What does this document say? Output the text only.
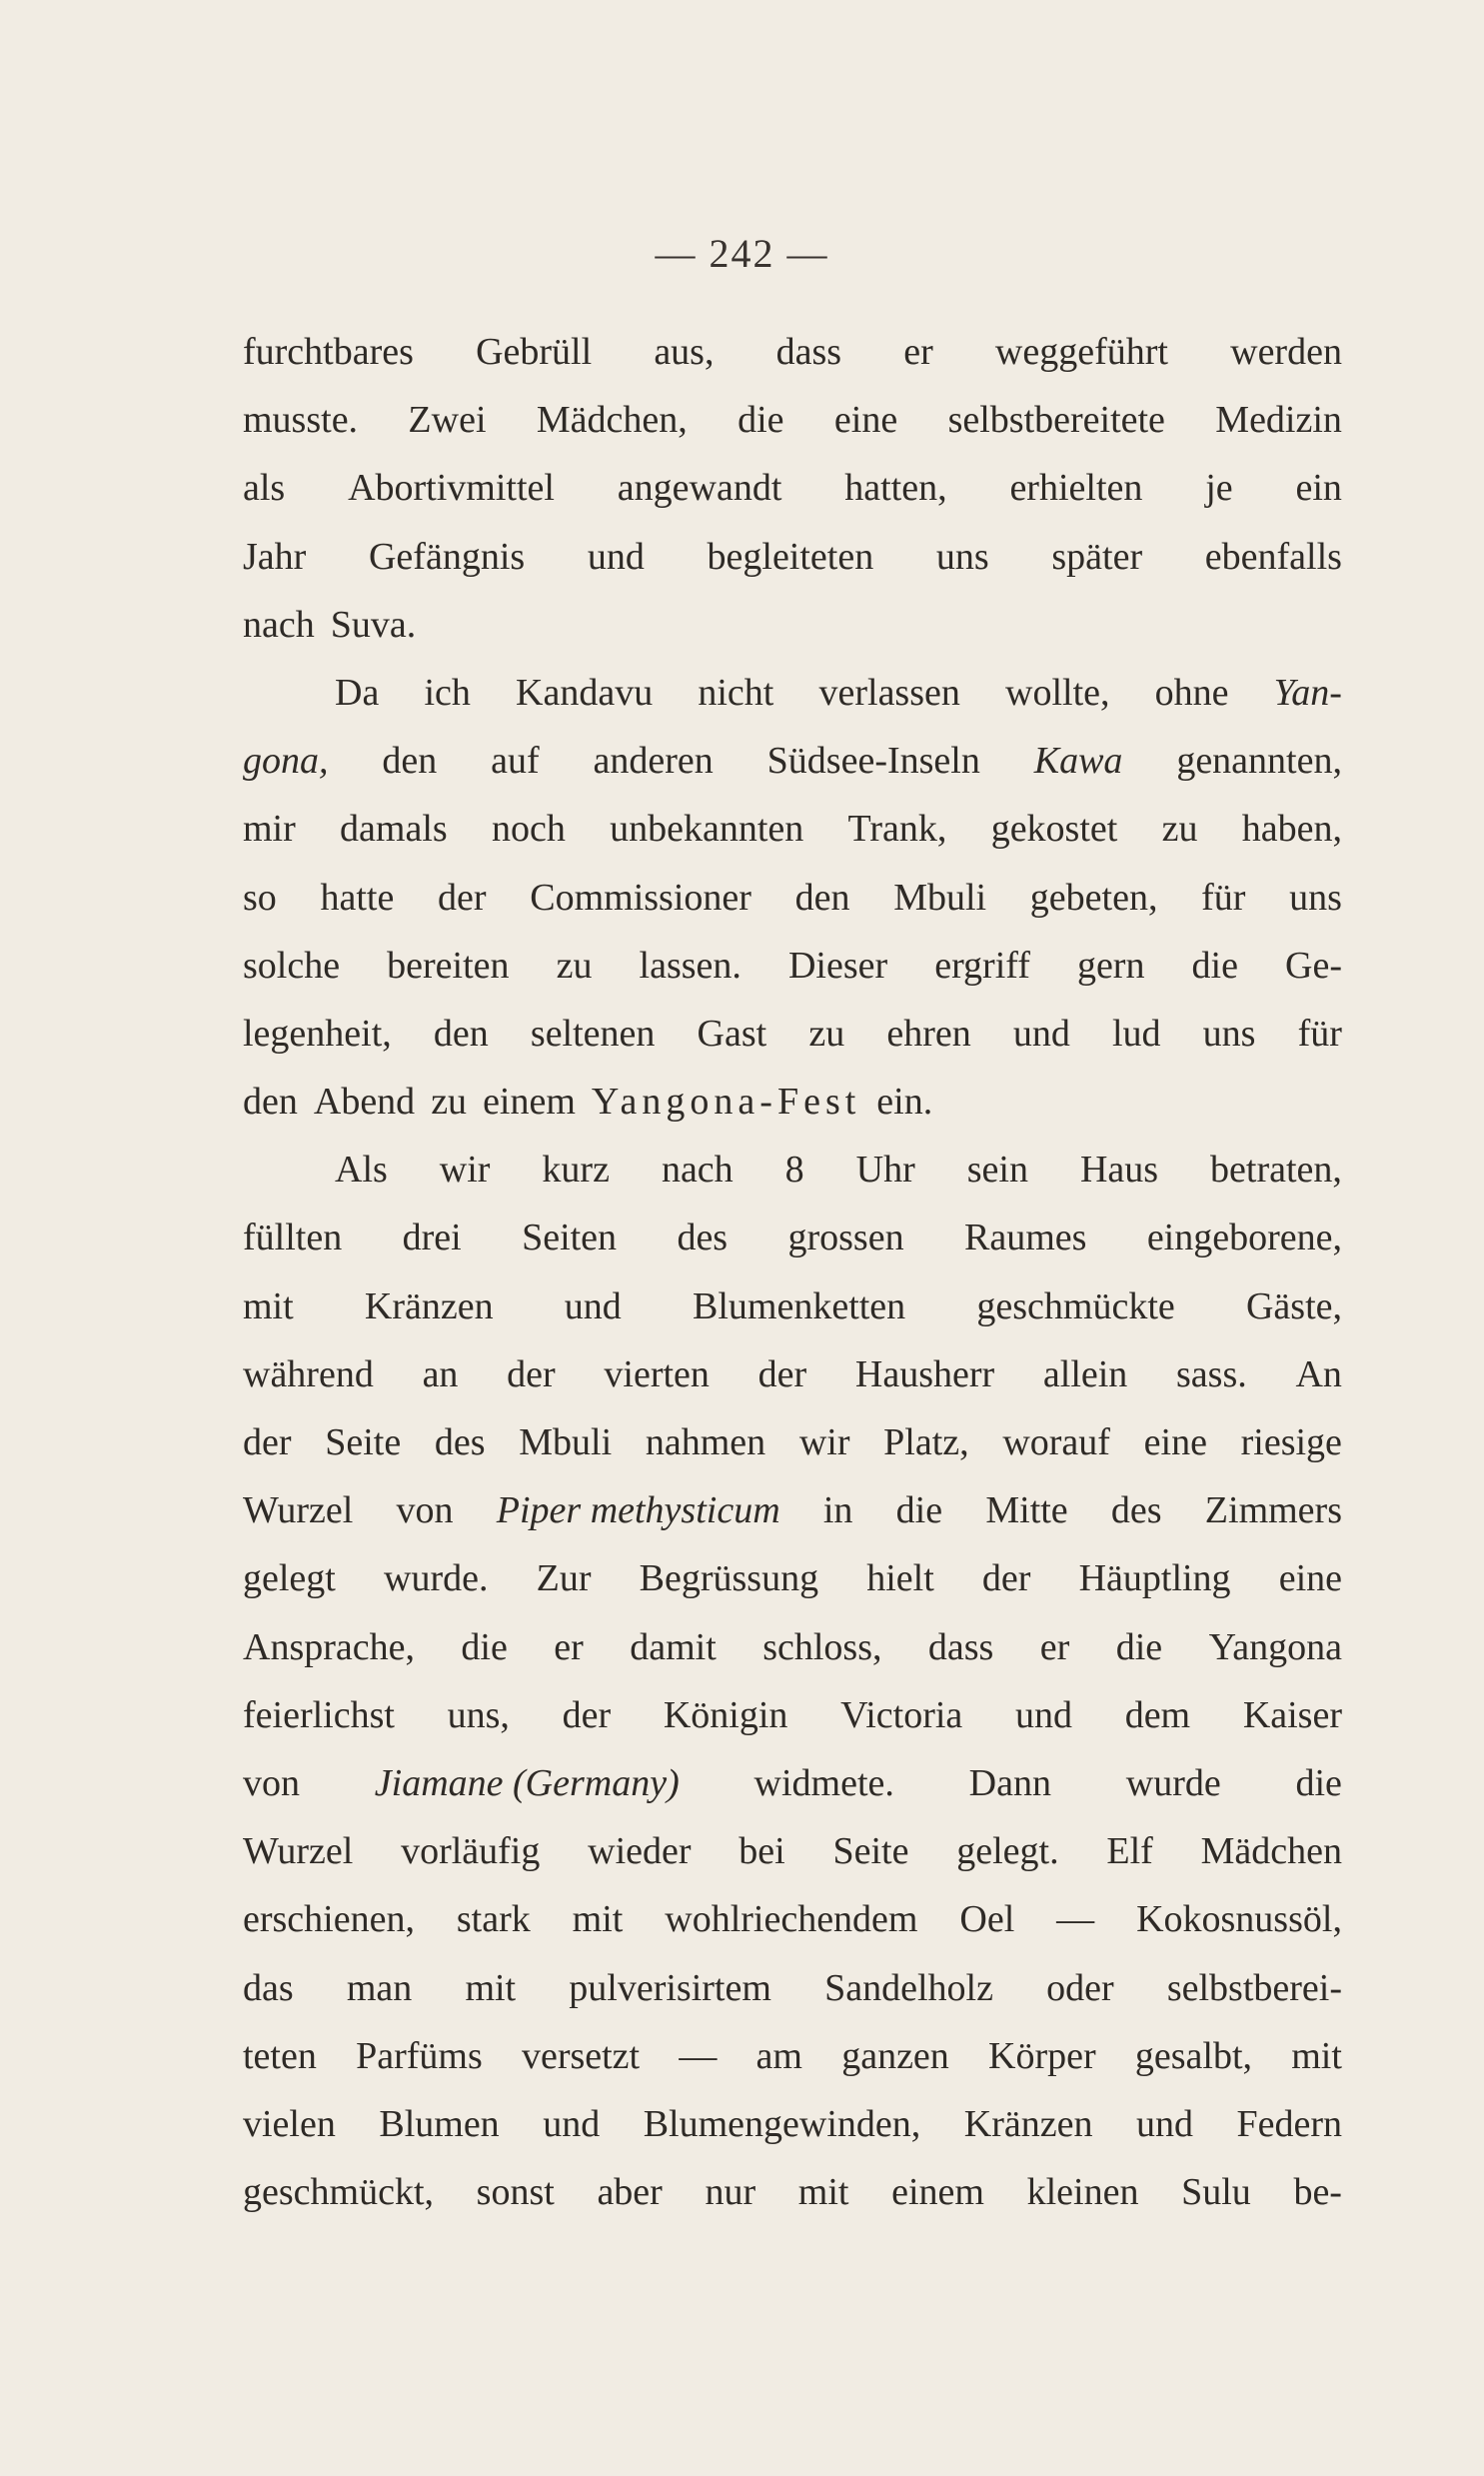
— 242 —
furchtbares Gebrüll aus, dass er weggeführt werden
musste. Zwei Mädchen, die eine selbstbereitete Medizin
als Abortivmittel angewandt hatten, erhielten je ein
Jahr Gefängnis und begleiteten uns später ebenfalls
nach Suva.
Da ich Kandavu nicht verlassen wollte, ohne Yan-
gona, den auf anderen Südsee-Inseln Kawa genannten,
mir damals noch unbekannten Trank, gekostet zu haben,
so hatte der Commissioner den Mbuli gebeten, für uns
solche bereiten zu lassen. Dieser ergriff gern die Ge-
legenheit, den seltenen Gast zu ehren und lud uns für
den Abend zu einem Yangona-Fest ein.
Als wir kurz nach 8 Uhr sein Haus betraten,
füllten drei Seiten des grossen Raumes eingeborene,
mit Kränzen und Blumenketten geschmückte Gäste,
während an der vierten der Hausherr allein sass. An
der Seite des Mbuli nahmen wir Platz, worauf eine riesige
Wurzel von Piper methysticum in die Mitte des Zimmers
gelegt wurde. Zur Begrüssung hielt der Häuptling eine
Ansprache, die er damit schloss, dass er die Yangona
feierlichst uns, der Königin Victoria und dem Kaiser
von Jiamane (Germany) widmete. Dann wurde die
Wurzel vorläufig wieder bei Seite gelegt. Elf Mädchen
erschienen, stark mit wohlriechendem Oel — Kokosnussöl,
das man mit pulverisirtem Sandelholz oder selbstberei-
teten Parfüms versetzt — am ganzen Körper gesalbt, mit
vielen Blumen und Blumengewinden, Kränzen und Federn
geschmückt, sonst aber nur mit einem kleinen Sulu be-
